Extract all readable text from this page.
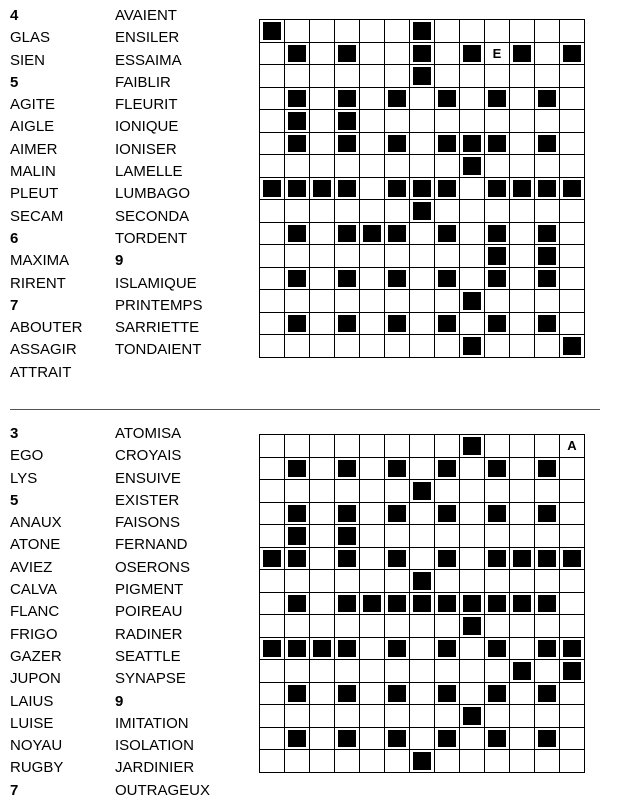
4
GLAS
SIEN
5
AGITE
AIGLE
AIMER
MALIN
PLEUT
SECAM
6
MAXIMA
RIRENT
7
ABOUTER
ASSAGIR
ATTRAIT
AVAIENT
ENSILER
ESSAIMA
FAIBLIR
FLEURIT
IONIQUE
IONISER
LAMELLE
LUMBAGO
SECONDA
TORDENT
9
ISLAMIQUE
PRINTEMPS
SARRIETTE
TONDAIENT
E
3
EGO
LYS
5
ANAUX
ATONE
AVIEZ
CALVA
FLANC
FRIGO
GAZER
JUPON
LAIUS
LUISE
NOYAU
RUGBY
7
ATOMISA
CROYAIS
ENSUIVE
EXISTER
FAISONS
FERNAND
OSERONS
PIGMENT
POIREAU
RADINER
SEATTLE
SYNAPSE
9
IMITATION
ISOLATION
JARDINIER
OUTRAGEUX
A
